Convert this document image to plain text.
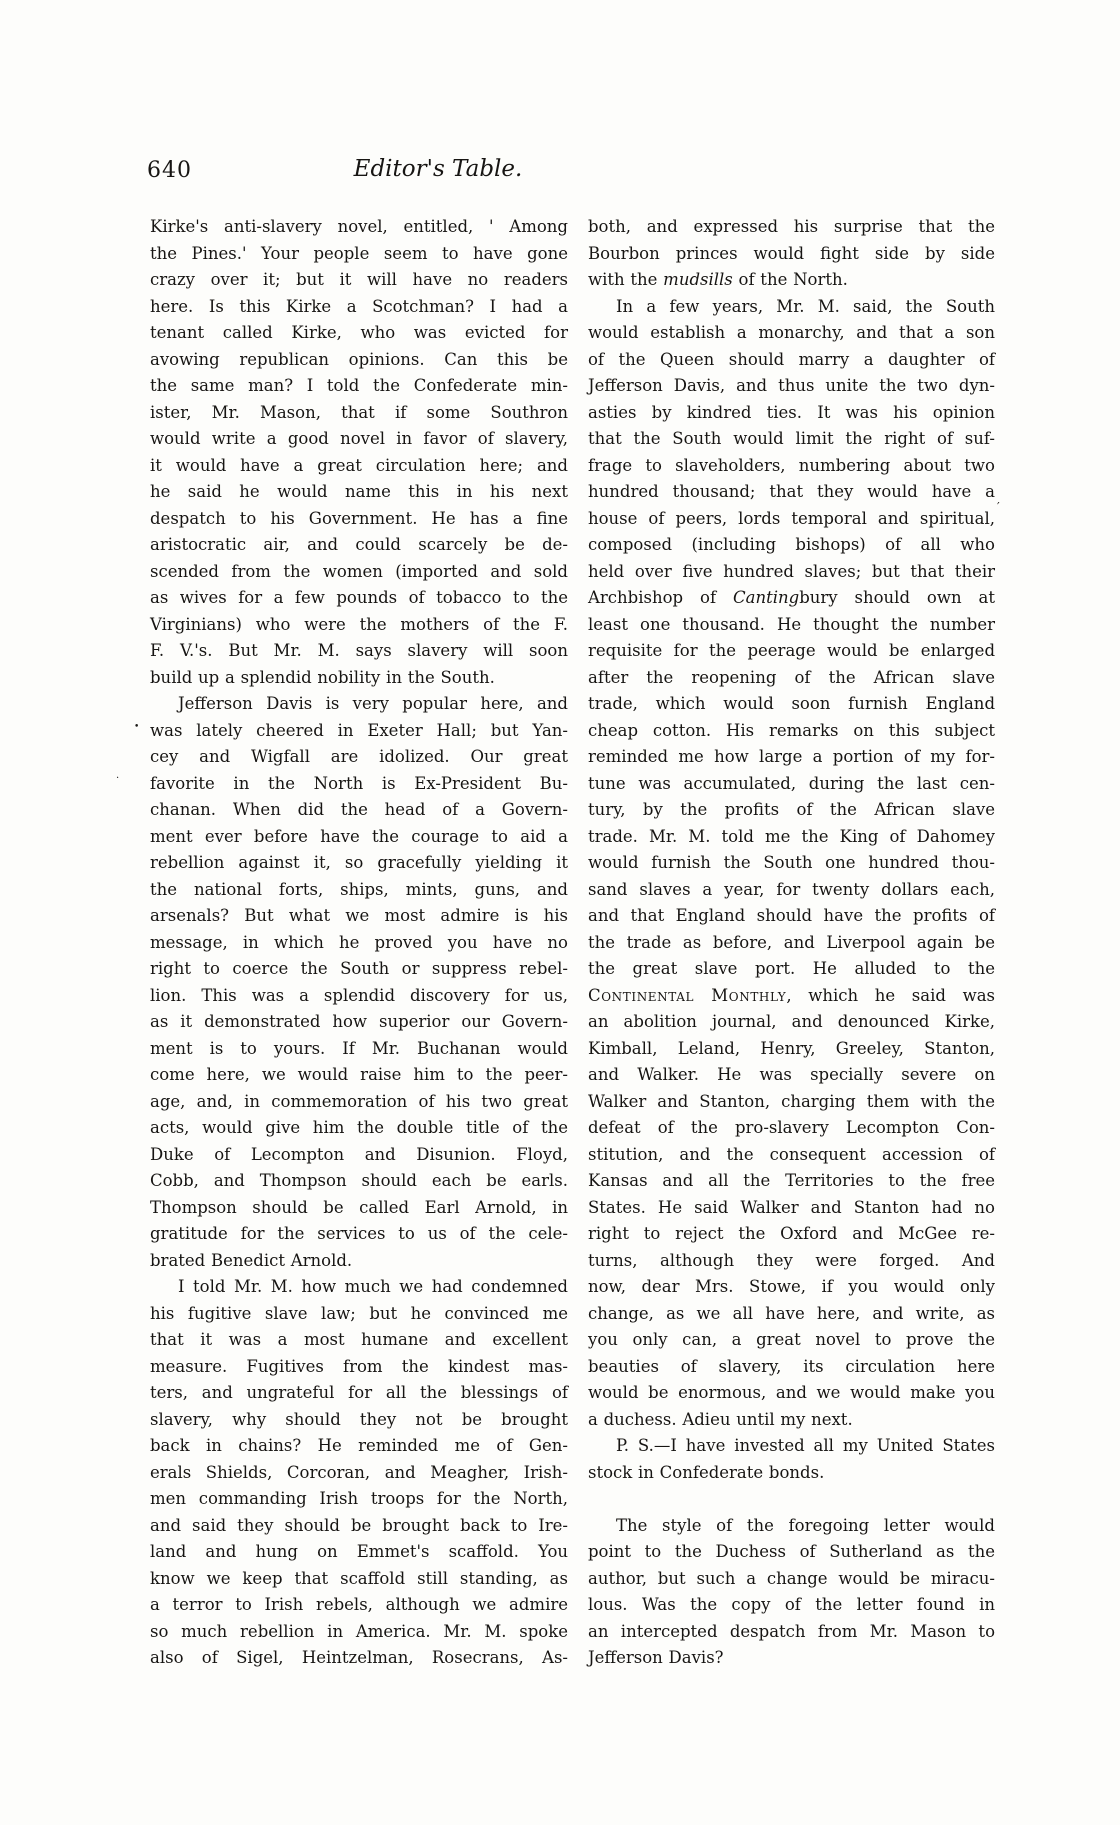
640	Editor's Table.
Kirke's anti-slavery novel, entitled, ' Among
the Pines.' Your people seem to have gone
crazy over it; but it will have no readers
here. Is this Kirke a Scotchman? I had a
tenant called Kirke, who was evicted for
avowing republican opinions. Can this be
the same man? I told the Confederate min-
ister, Mr. Mason, that if some Southron
would write a good novel in favor of slavery,
it would have a great circulation here; and
he said he would name this in his next
despatch to his Government. He has a fine
aristocratic air, and could scarcely be de-
scended from the women (imported and sold
as wives for a few pounds of tobacco to the
Virginians) who were the mothers of the F.
F. V.'s. But Mr. M. says slavery will soon
build up a splendid nobility in the South.
Jefferson Davis is very popular here, and
was lately cheered in Exeter Hall; but Yan-
cey and Wigfall are idolized. Our great
favorite in the North is Ex-President Bu-
chanan. When did the head of a Govern-
ment ever before have the courage to aid a
rebellion against it, so gracefully yielding it
the national forts, ships, mints, guns, and
arsenals? But what we most admire is his
message, in which he proved you have no
right to coerce the South or suppress rebel-
lion. This was a splendid discovery for us,
as it demonstrated how superior our Govern-
ment is to yours. If Mr. Buchanan would
come here, we would raise him to the peer-
age, and, in commemoration of his two great
acts, would give him the double title of the
Duke of Lecompton and Disunion. Floyd,
Cobb, and Thompson should each be earls.
Thompson should be called Earl Arnold, in
gratitude for the services to us of the cele-
brated Benedict Arnold.
I told Mr. M. how much we had condemned
his fugitive slave law; but he convinced me
that it was a most humane and excellent
measure. Fugitives from the kindest mas-
ters, and ungrateful for all the blessings of
slavery, why should they not be brought
back in chains? He reminded me of Gen-
erals Shields, Corcoran, and Meagher, Irish-
men commanding Irish troops for the North,
and said they should be brought back to Ire-
land and hung on Emmet's scaffold. You
know we keep that scaffold still standing, as
a terror to Irish rebels, although we admire
so much rebellion in America. Mr. M. spoke
also of Sigel, Heintzelman, Rosecrans, As-
both, and expressed his surprise that the
Bourbon princes would fight side by side
with the mudsills of the North.
In a few years, Mr. M. said, the South
would establish a monarchy, and that a son
of the Queen should marry a daughter of
Jefferson Davis, and thus unite the two dyn-
asties by kindred ties. It was his opinion
that the South would limit the right of suf-
frage to slaveholders, numbering about two
hundred thousand; that they would have a
house of peers, lords temporal and spiritual,
composed (including bishops) of all who
held over five hundred slaves; but that their
Archbishop of Cantingbury should own at
least one thousand. He thought the number
requisite for the peerage would be enlarged
after the reopening of the African slave
trade, which would soon furnish England
cheap cotton. His remarks on this subject
reminded me how large a portion of my for-
tune was accumulated, during the last cen-
tury, by the profits of the African slave
trade. Mr. M. told me the King of Dahomey
would furnish the South one hundred thou-
sand slaves a year, for twenty dollars each,
and that England should have the profits of
the trade as before, and Liverpool again be
the great slave port. He alluded to the
Continental Monthly, which he said was
an abolition journal, and denounced Kirke,
Kimball, Leland, Henry, Greeley, Stanton,
and Walker. He was specially severe on
Walker and Stanton, charging them with the
defeat of the pro-slavery Lecompton Con-
stitution, and the consequent accession of
Kansas and all the Territories to the free
States. He said Walker and Stanton had no
right to reject the Oxford and McGee re-
turns, although they were forged. And
now, dear Mrs. Stowe, if you would only
change, as we all have here, and write, as
you only can, a great novel to prove the
beauties of slavery, its circulation here
would be enormous, and we would make you
a duchess. Adieu until my next.
P. S.—I have invested all my United States
stock in Confederate bonds.
The style of the foregoing letter would
point to the Duchess of Sutherland as the
author, but such a change would be miracu-
lous. Was the copy of the letter found in
an intercepted despatch from Mr. Mason to
Jefferson Davis?
•
.
′
